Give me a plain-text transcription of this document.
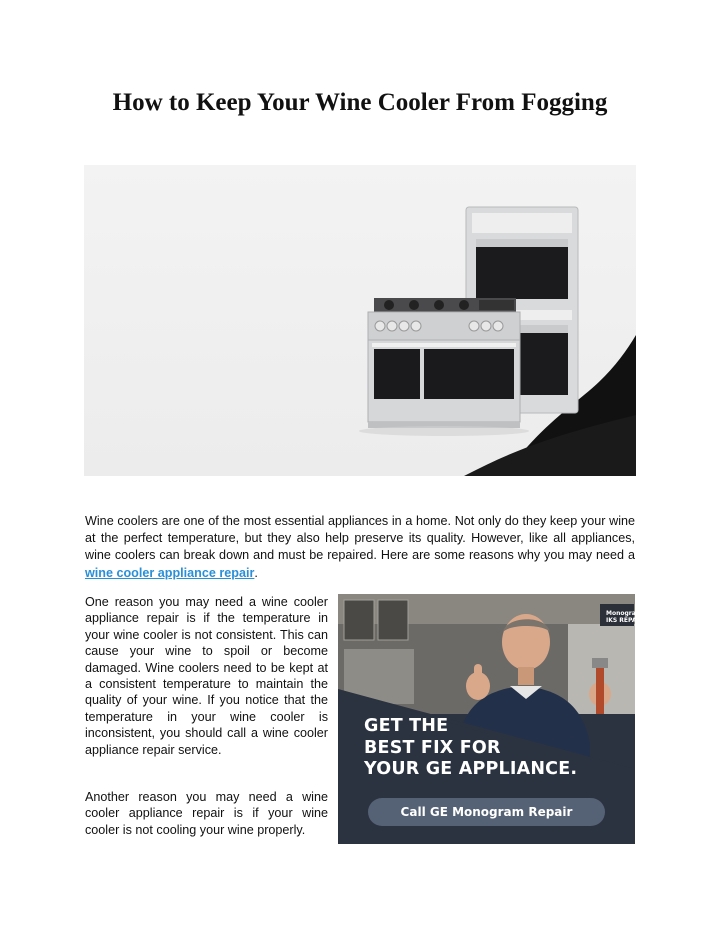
How to Keep Your Wine Cooler From Fogging

Wine coolers are one of the most essential appliances in a home. Not only do they keep your wine at the perfect temperature, but they also help preserve its quality. However, like all appliances, wine coolers can break down and must be repaired. Here are some reasons why you may need a wine cooler appliance repair.

One reason you may need a wine cooler appliance repair is if the temperature in your wine cooler is not consistent. This can cause your wine to spoil or become damaged. Wine coolers need to be kept at a consistent temperature to maintain the quality of your wine. If you notice that the temperature in your wine cooler is inconsistent, you should call a wine cooler appliance repair service.

Another reason you may need a wine cooler appliance repair is if your wine cooler is not cooling your wine properly.

Monogram.
IKS REPAIR
GET THE
BEST FIX FOR
YOUR GE APPLIANCE.
Call GE Monogram Repair
